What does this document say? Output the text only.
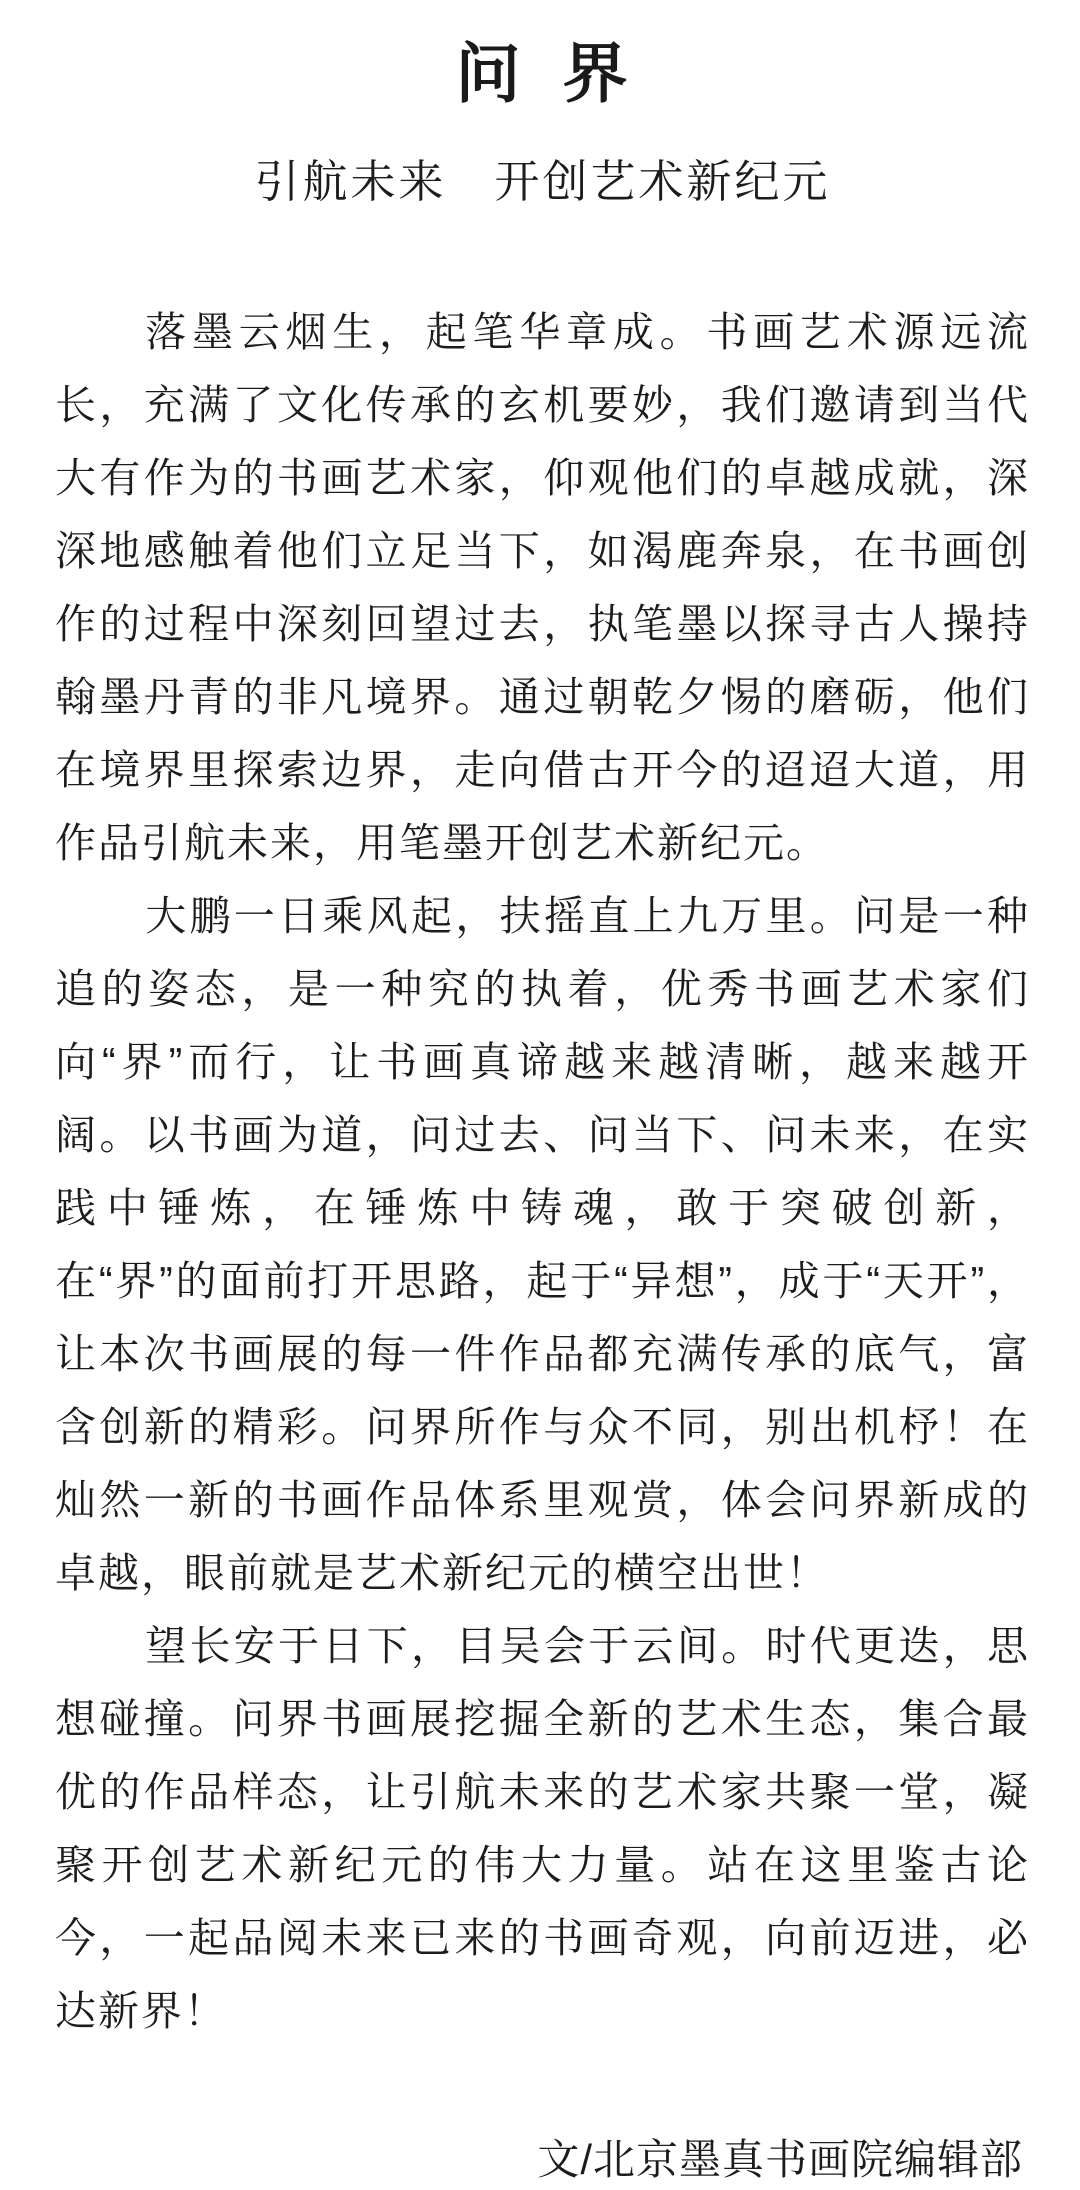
问 界
引航未来　开创艺术新纪元

落墨云烟生，起笔华章成。书画艺术源远流长，充满了文化传承的玄机要妙，我们邀请到当代大有作为的书画艺术家，仰观他们的卓越成就，深深地感触着他们立足当下，如渴鹿奔泉，在书画创作的过程中深刻回望过去，执笔墨以探寻古人操持翰墨丹青的非凡境界。通过朝乾夕惕的磨砺，他们在境界里探索边界，走向借古开今的迢迢大道，用作品引航未来，用笔墨开创艺术新纪元。

大鹏一日乘风起，扶摇直上九万里。问是一种追的姿态，是一种究的执着，优秀书画艺术家们向“界”而行，让书画真谛越来越清晰，越来越开阔。以书画为道，问过去、问当下、问未来，在实践中锤炼，在锤炼中铸魂，敢于突破创新，在“界”的面前打开思路，起于“异想”，成于“天开”，让本次书画展的每一件作品都充满传承的底气，富含创新的精彩。问界所作与众不同，别出机杼！在灿然一新的书画作品体系里观赏，体会问界新成的卓越，眼前就是艺术新纪元的横空出世！

望长安于日下，目吴会于云间。时代更迭，思想碰撞。问界书画展挖掘全新的艺术生态，集合最优的作品样态，让引航未来的艺术家共聚一堂，凝聚开创艺术新纪元的伟大力量。站在这里鉴古论今，一起品阅未来已来的书画奇观，向前迈进，必达新界！

文/北京墨真书画院编辑部
